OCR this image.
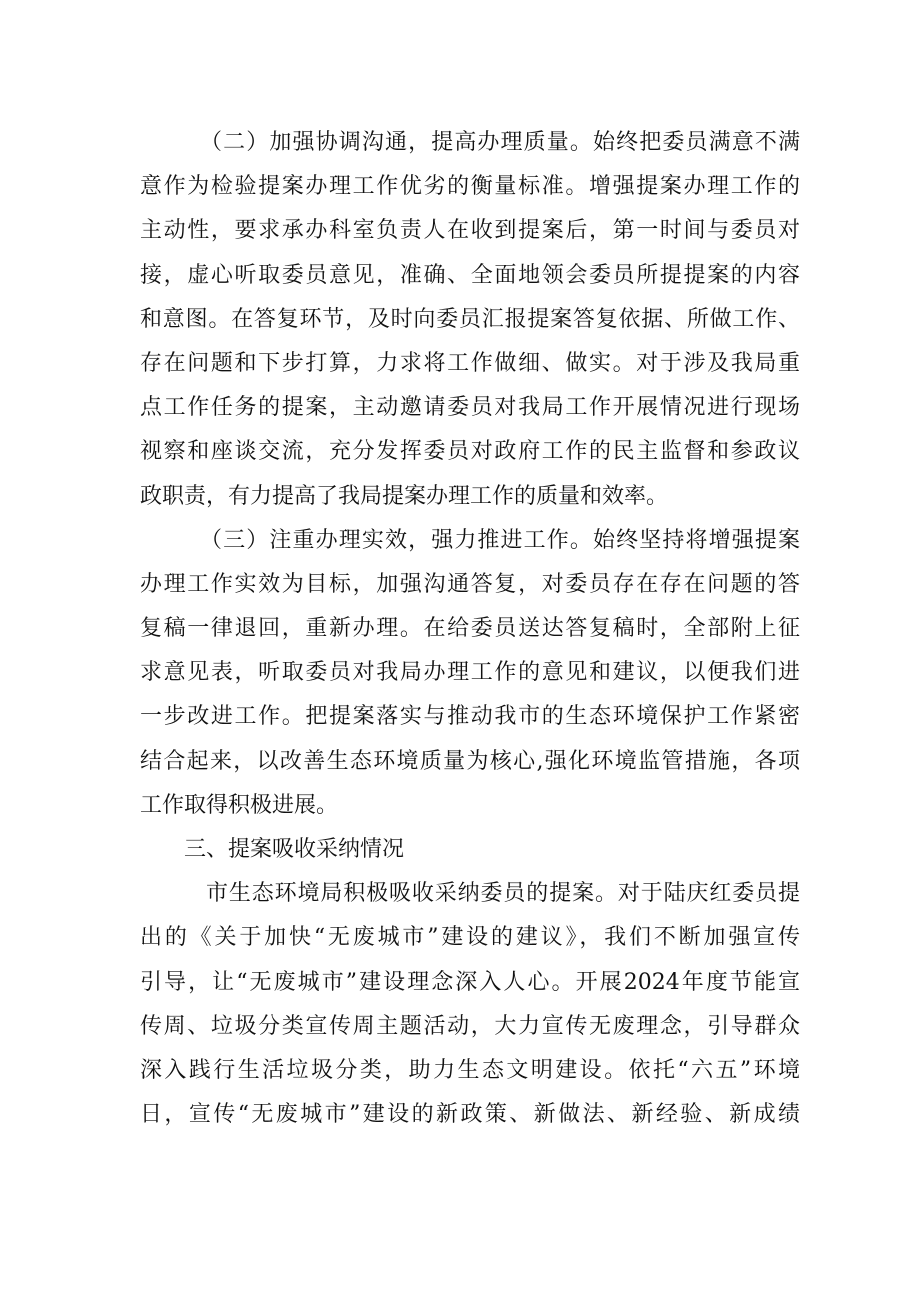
（二）加强协调沟通，提高办理质量。始终把委员满意不满
意作为检验提案办理工作优劣的衡量标准。增强提案办理工作的
主动性，要求承办科室负责人在收到提案后，第一时间与委员对
接，虚心听取委员意见，准确、全面地领会委员所提提案的内容
和意图。在答复环节，及时向委员汇报提案答复依据、所做工作、
存在问题和下步打算，力求将工作做细、做实。对于涉及我局重
点工作任务的提案，主动邀请委员对我局工作开展情况进行现场
视察和座谈交流，充分发挥委员对政府工作的民主监督和参政议
政职责，有力提高了我局提案办理工作的质量和效率。
（三）注重办理实效，强力推进工作。始终坚持将增强提案
办理工作实效为目标，加强沟通答复，对委员存在存在问题的答
复稿一律退回，重新办理。在给委员送达答复稿时，全部附上征
求意见表，听取委员对我局办理工作的意见和建议，以便我们进
一步改进工作。把提案落实与推动我市的生态环境保护工作紧密
结合起来，以改善生态环境质量为核心,强化环境监管措施，各项
工作取得积极进展。
三、提案吸收采纳情况
市生态环境局积极吸收采纳委员的提案。对于陆庆红委员提
出的《关于加快“无废城市”建设的建议》，我们不断加强宣传
引导，让“无废城市”建设理念深入人心。开展2024年度节能宣
传周、垃圾分类宣传周主题活动，大力宣传无废理念，引导群众
深入践行生活垃圾分类，助力生态文明建设。依托“六五”环境
日，宣传“无废城市”建设的新政策、新做法、新经验、新成绩
